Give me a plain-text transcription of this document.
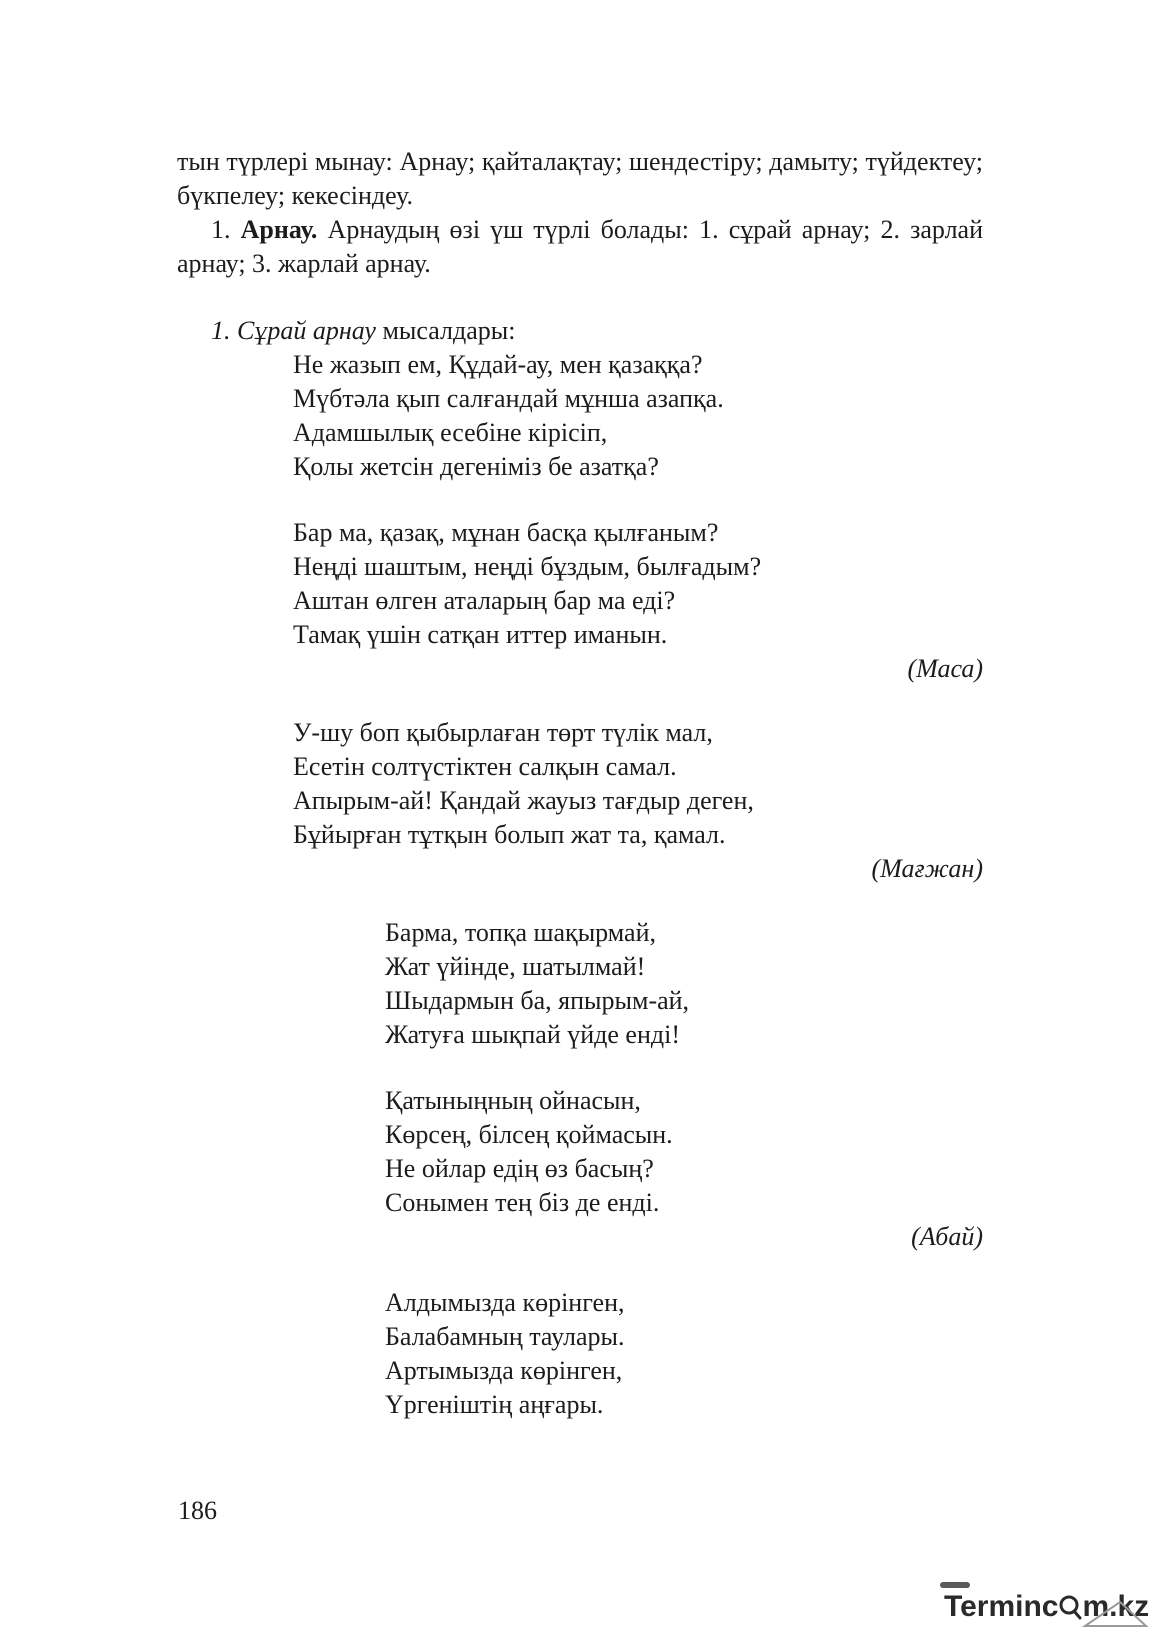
тын түрлері мынау: Арнау; қайталақтау; шендестіру; дамыту; түйдектеу; бүкпелеу; кекесіндеу.

1. Арнау. Арнаудың өзі үш түрлі болады: 1. сұрай арнау; 2. зарлай арнау; 3. жарлай арнау.

1. Сұрай арнау мысалдары:
Не жазып ем, Құдай-ау, мен қазаққа?
Мүбтәла қып салғандай мұнша азапқа.
Адамшылық есебіне кірісіп,
Қолы жетсін дегеніміз бе азатқа?
Бар ма, қазақ, мұнан басқа қылғаным?
Неңді шаштым, неңді бұздым, былғадым?
Аштан өлген аталарың бар ма еді?
Тамақ үшін сатқан иттер иманын.
(Маса)
У-шу боп қыбырлаған төрт түлік мал,
Есетін солтүстіктен салқын самал.
Апырым-ай! Қандай жауыз тағдыр деген,
Бұйырған тұтқын болып жат та, қамал.
(Мағжан)
Барма, топқа шақырмай,
Жат үйінде, шатылмай!
Шыдармын ба, япырым-ай,
Жатуға шықпай үйде енді!
Қатыныңның ойнасын,
Көрсең, білсең қоймасын.
Не ойлар едің өз басың?
Сонымен тең біз де енді.
(Абай)
Алдымызда көрінген,
Балабамның таулары.
Артымызда көрінген,
Үргеніштің аңғары.
186
Terminc m.kz
